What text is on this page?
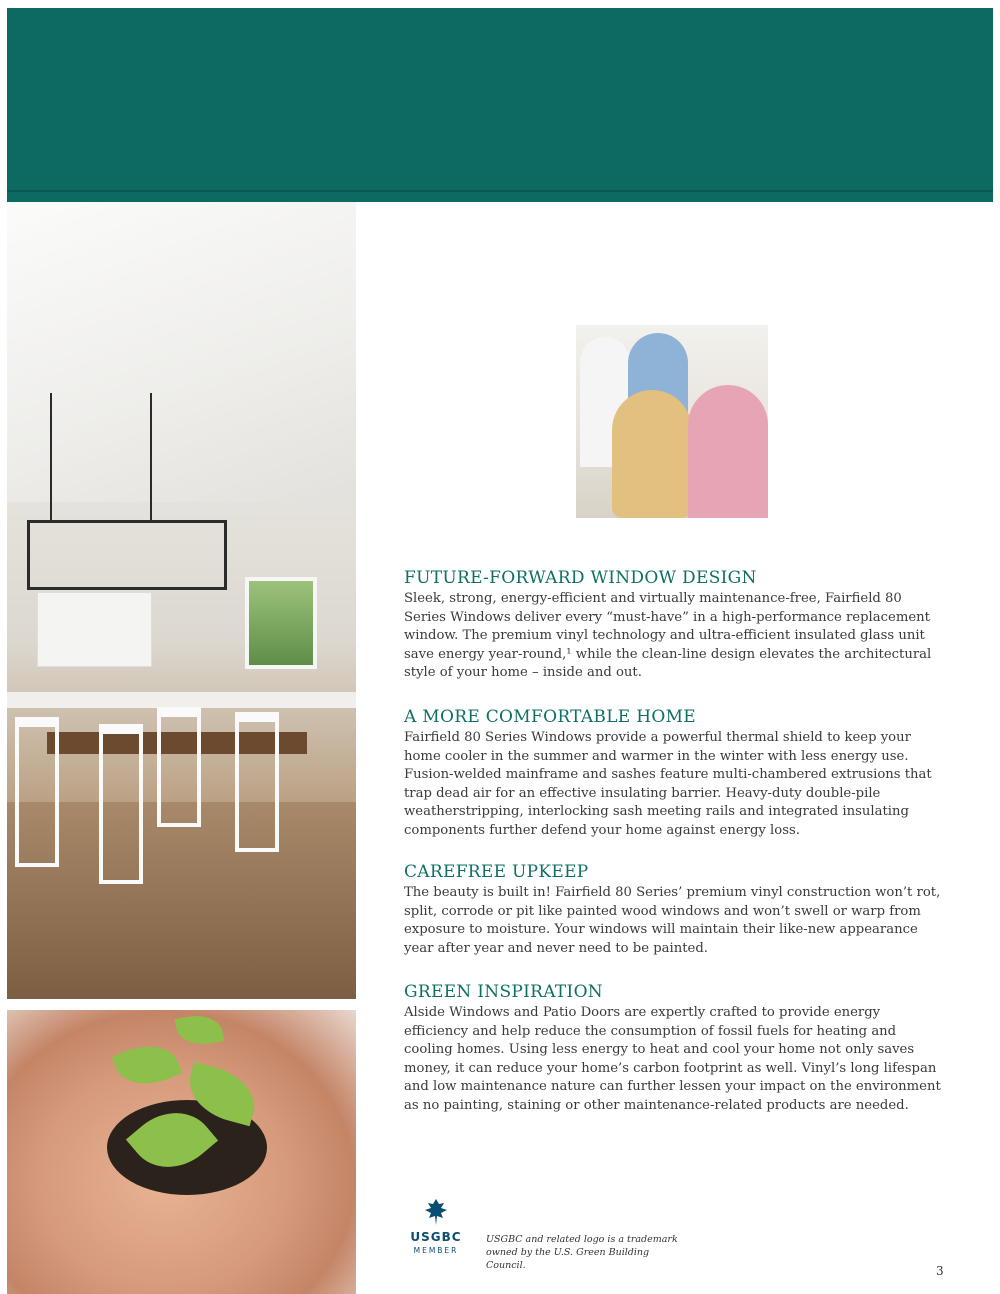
FUTURE-FORWARD WINDOW DESIGN

Sleek, strong, energy-efficient and virtually maintenance-free, Fairfield 80 Series Windows deliver every “must-have” in a high-performance replacement window. The premium vinyl technology and ultra-efficient insulated glass unit save energy year-round,¹ while the clean-line design elevates the architectural style of your home – inside and out.

A MORE COMFORTABLE HOME

Fairfield 80 Series Windows provide a powerful thermal shield to keep your home cooler in the summer and warmer in the winter with less energy use. Fusion-welded mainframe and sashes feature multi-chambered extrusions that trap dead air for an effective insulating barrier. Heavy-duty double-pile weatherstripping, interlocking sash meeting rails and integrated insulating components further defend your home against energy loss.

CAREFREE UPKEEP

The beauty is built in! Fairfield 80 Series’ premium vinyl construction won’t rot, split, corrode or pit like painted wood windows and won’t swell or warp from exposure to moisture. Your windows will maintain their like-new appearance year after year and never need to be painted.

GREEN INSPIRATION

Alside Windows and Patio Doors are expertly crafted to provide energy efficiency and help reduce the consumption of fossil fuels for heating and cooling homes. Using less energy to heat and cool your home not only saves money, it can reduce your home’s carbon footprint as well. Vinyl’s long lifespan and low maintenance nature can further lessen your impact on the environment as no painting, staining or other maintenance-related products are needed.

USGBC
MEMBER
USGBC and related logo is a trademark owned by the U.S. Green Building Council.	3
